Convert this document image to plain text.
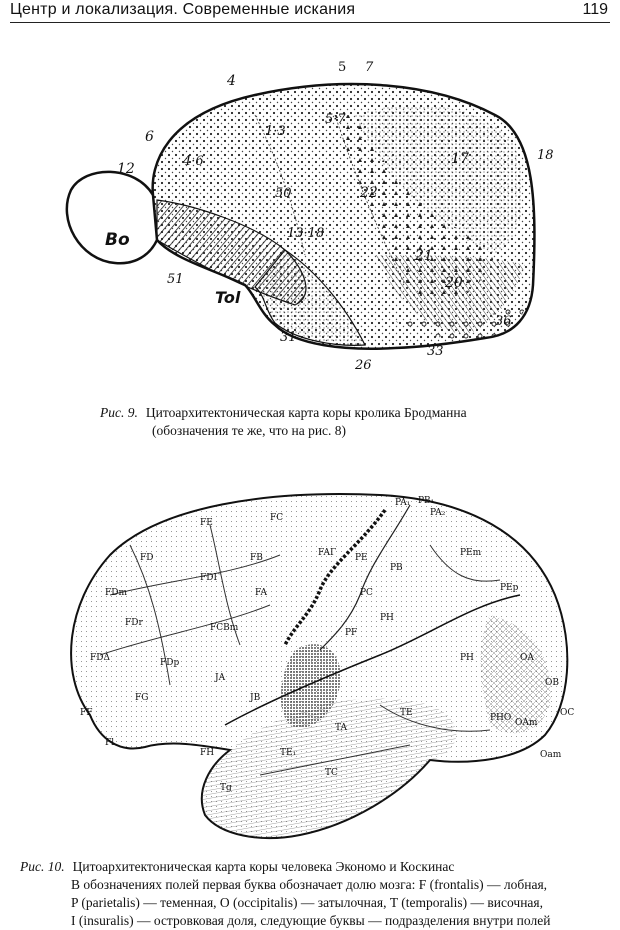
Центр и локализация. Современные искания	119
4
5 7
6
12
1·3
5·7
4·6
50
Bo
17	18
22
13·18
21
20
51
Tol
36
31
33
26
Рис. 9. Цитоархитектоническая карта коры кролика Бродманна
(обозначения те же, что на рис. 8)
PA₁ PB₁
PA₂
FE
FD
FDm
FC
FB
FDr
FDΓ
FAΓ
FA
PE
PB
PEm
PEp
FDΔ
FCBm
FDp
PC
PH
PF
FF
FG
JA
JB
TA
TC
TE
OA
OB
OC
PH
Oam
FH
Fl
Tg
TE₁
PHO OAm
Рис. 10. Цитоархитектоническая карта коры человека Экономо и Коскинас
В обозначениях полей первая буква обозначает долю мозга: F (frontalis) — лобная,
P (parietalis) — теменная, O (occipitalis) — затылочная, T (temporalis) — височная,
I (insuralis) — островковая доля, следующие буквы — подразделения внутри полей
